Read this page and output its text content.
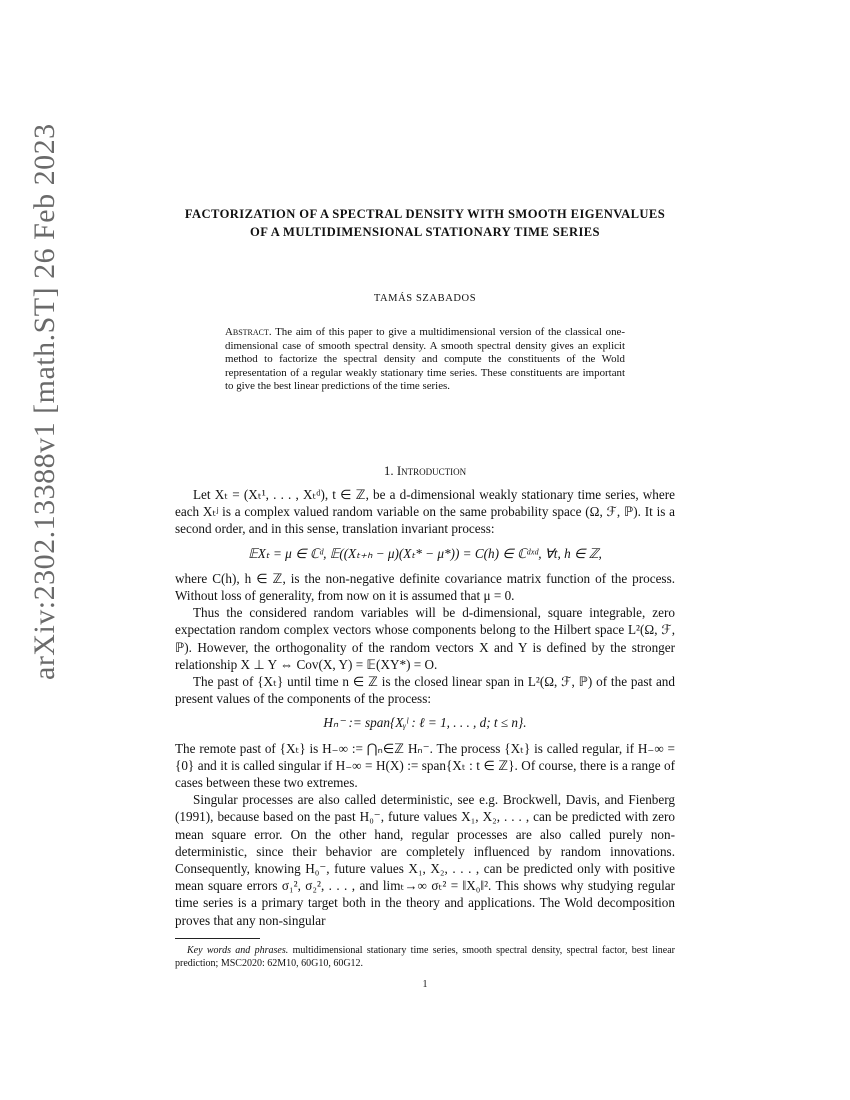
arXiv:2302.13388v1 [math.ST] 26 Feb 2023	FACTORIZATION OF A SPECTRAL DENSITY WITH SMOOTH EIGENVALUES OF A MULTIDIMENSIONAL STATIONARY TIME SERIES
TAMÁS SZABADOS
Abstract. The aim of this paper to give a multidimensional version of the classical one-dimensional case of smooth spectral density. A smooth spectral density gives an explicit method to factorize the spectral density and compute the constituents of the Wold representation of a regular weakly stationary time series. These constituents are important to give the best linear predictions of the time series.
1. Introduction

Let Xₜ = (Xₜ¹, . . . , Xₜᵈ), t ∈ ℤ, be a d-dimensional weakly stationary time series, where each Xₜʲ is a complex valued random variable on the same probability space (Ω, ℱ, ℙ). It is a second order, and in this sense, translation invariant process:

𝔼Xₜ = μ ∈ ℂᵈ, 𝔼((Xₜ₊ₕ − μ)(Xₜ* − μ*)) = C(h) ∈ ℂᵈˣᵈ, ∀t, h ∈ ℤ,

where C(h), h ∈ ℤ, is the non-negative definite covariance matrix function of the process. Without loss of generality, from now on it is assumed that μ = 0.

Thus the considered random variables will be d-dimensional, square integrable, zero expectation random complex vectors whose components belong to the Hilbert space L²(Ω, ℱ, ℙ). However, the orthogonality of the random vectors X and Y is defined by the stronger relationship X ⊥ Y ⇔ Cov(X, Y) = 𝔼(XY*) = O.

The past of {Xₜ} until time n ∈ ℤ is the closed linear span in L²(Ω, ℱ, ℙ) of the past and present values of the components of the process:

Hₙ⁻ := span{Xᵧˡ : ℓ = 1, . . . , d; t ≤ n}.

The remote past of {Xₜ} is H₋∞ := ⋂ₙ∈ℤ Hₙ⁻. The process {Xₜ} is called regular, if H₋∞ = {0} and it is called singular if H₋∞ = H(X) := span{Xₜ : t ∈ ℤ}. Of course, there is a range of cases between these two extremes.

Singular processes are also called deterministic, see e.g. Brockwell, Davis, and Fienberg (1991), because based on the past H₀⁻, future values X₁, X₂, . . . , can be predicted with zero mean square error. On the other hand, regular processes are also called purely non-deterministic, since their behavior are completely influenced by random innovations. Consequently, knowing H₀⁻, future values X₁, X₂, . . . , can be predicted only with positive mean square errors σ₁², σ₂², . . . , and limₜ→∞ σₜ² = ‖X₀‖². This shows why studying regular time series is a primary target both in the theory and applications. The Wold decomposition proves that any non-singular

Key words and phrases. multidimensional stationary time series, smooth spectral density, spectral factor, best linear prediction; MSC2020: 62M10, 60G10, 60G12.
1
